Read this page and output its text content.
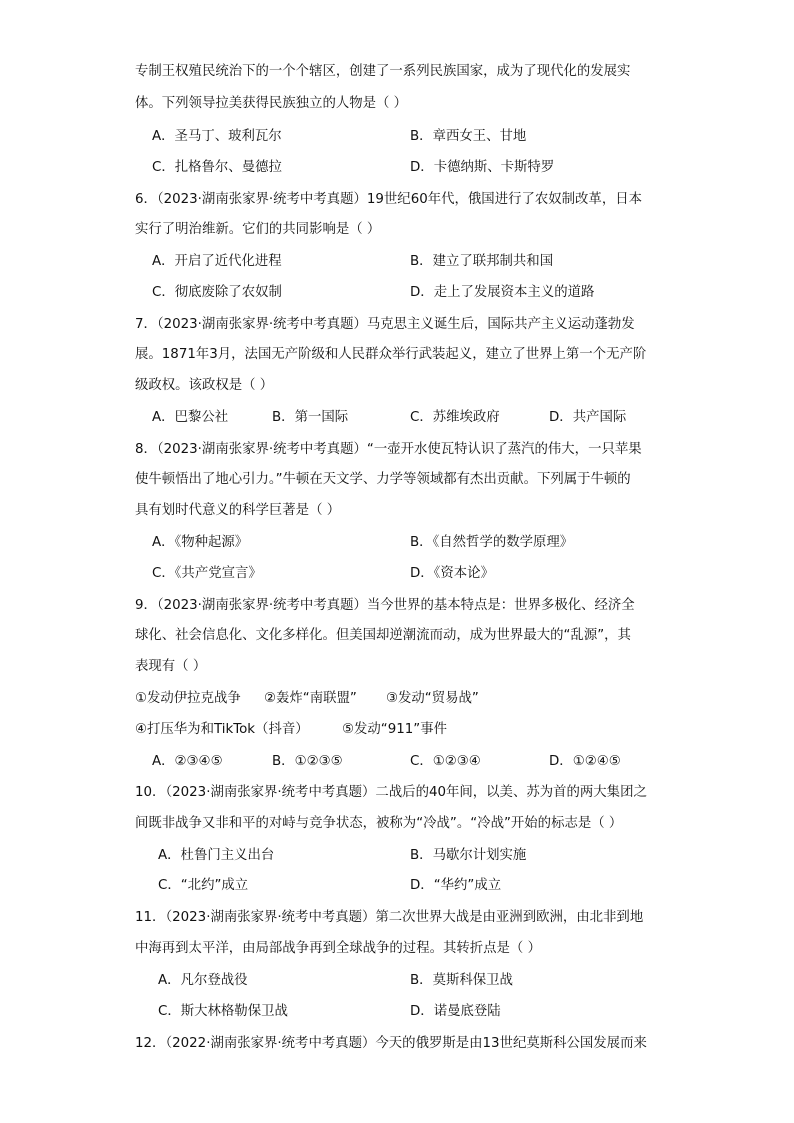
专制王权殖民统治下的一个个辖区，创建了一系列民族国家，成为了现代化的发展实
体。下列领导拉美获得民族独立的人物是（ ）
A．圣马丁、玻利瓦尔	B．章西女王、甘地
C．扎格鲁尔、曼德拉	D．卡德纳斯、卡斯特罗
6．（2023·湖南张家界·统考中考真题）19世纪60年代，俄国进行了农奴制改革，日本
实行了明治维新。它们的共同影响是（ ）
A．开启了近代化进程	B．建立了联邦制共和国
C．彻底废除了农奴制	D．走上了发展资本主义的道路
7．（2023·湖南张家界·统考中考真题）马克思主义诞生后，国际共产主义运动蓬勃发
展。1871年3月，法国无产阶级和人民群众举行武装起义，建立了世界上第一个无产阶
级政权。该政权是（ ）
A．巴黎公社	B．第一国际	C．苏维埃政府	D．共产国际
8．（2023·湖南张家界·统考中考真题）“一壶开水使瓦特认识了蒸汽的伟大，一只苹果
使牛顿悟出了地心引力。”牛顿在天文学、力学等领域都有杰出贡献。下列属于牛顿的
具有划时代意义的科学巨著是（ ）
A．《物种起源》	B．《自然哲学的数学原理》
C．《共产党宣言》	D．《资本论》
9．（2023·湖南张家界·统考中考真题）当今世界的基本特点是：世界多极化、经济全
球化、社会信息化、文化多样化。但美国却逆潮流而动，成为世界最大的“乱源”，其
表现有（ ）
①发动伊拉克战争 ②轰炸“南联盟” ③发动“贸易战”
④打压华为和TikTok（抖音） ⑤发动“911”事件
A．②③④⑤	B．①②③⑤	C．①②③④	D．①②④⑤
10．（2023·湖南张家界·统考中考真题）二战后的40年间，以美、苏为首的两大集团之
间既非战争又非和平的对峙与竞争状态，被称为“冷战”。“冷战”开始的标志是（ ）
A．杜鲁门主义出台	B．马歇尔计划实施
C．“北约”成立	D．“华约”成立
11．（2023·湖南张家界·统考中考真题）第二次世界大战是由亚洲到欧洲，由北非到地
中海再到太平洋，由局部战争再到全球战争的过程。其转折点是（ ）
A．凡尔登战役	B．莫斯科保卫战
C．斯大林格勒保卫战	D．诺曼底登陆
12．（2022·湖南张家界·统考中考真题）今天的俄罗斯是由13世纪莫斯科公国发展而来
